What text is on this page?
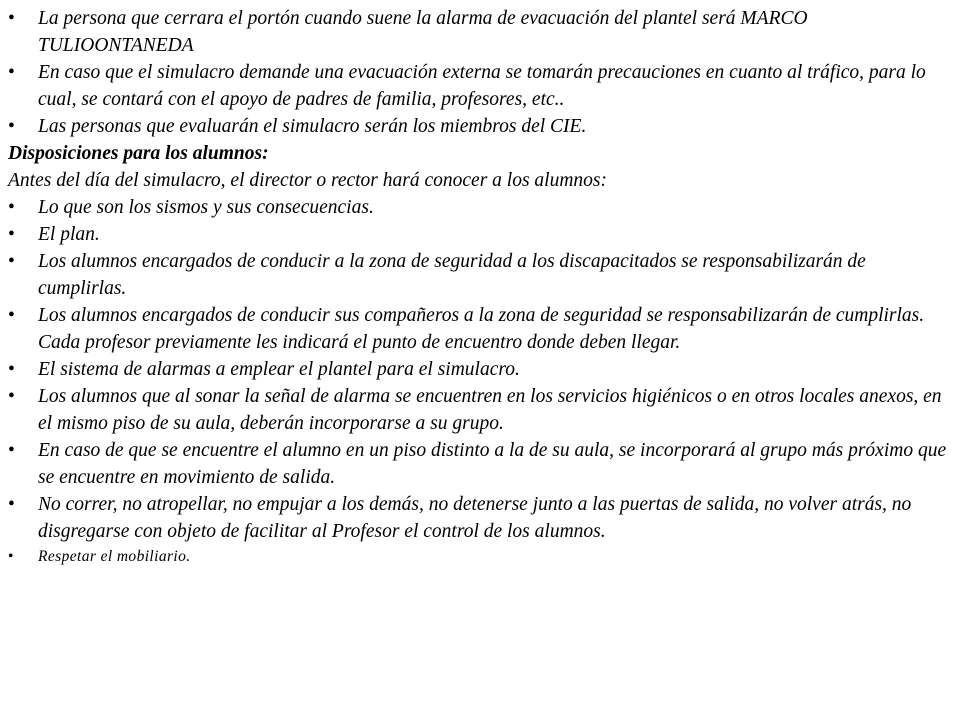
• La persona que cerrara el portón cuando suene la alarma de evacuación del plantel será MARCO TULIOONTANEDA

• En caso que el simulacro demande una evacuación externa se tomarán precauciones en cuanto al tráfico, para lo cual, se contará con el apoyo de padres de familia, profesores, etc..

• Las personas que evaluarán el simulacro serán los miembros del CIE.

Disposiciones para los alumnos:

Antes del día del simulacro, el director o rector hará conocer a los alumnos:

• Lo que son los sismos y sus consecuencias.

• El plan.

• Los alumnos encargados de conducir a la zona de seguridad a los discapacitados se responsabilizarán de cumplirlas.

• Los alumnos encargados de conducir sus compañeros a la zona de seguridad se responsabilizarán de cumplirlas. Cada profesor previamente les indicará el punto de encuentro donde deben llegar.

• El sistema de alarmas a emplear el plantel para el simulacro.

• Los alumnos que al sonar la señal de alarma se encuentren en los servicios higiénicos o en otros locales anexos, en el mismo piso de su aula, deberán incorporarse a su grupo.

• En caso de que se encuentre el alumno en un piso distinto a la de su aula, se incorporará al grupo más próximo que se encuentre en movimiento de salida.

• No correr, no atropellar, no empujar a los demás, no detenerse junto a las puertas de salida, no volver atrás, no disgregarse con objeto de facilitar al Profesor el control de los alumnos.

• Respetar el mobiliario.
